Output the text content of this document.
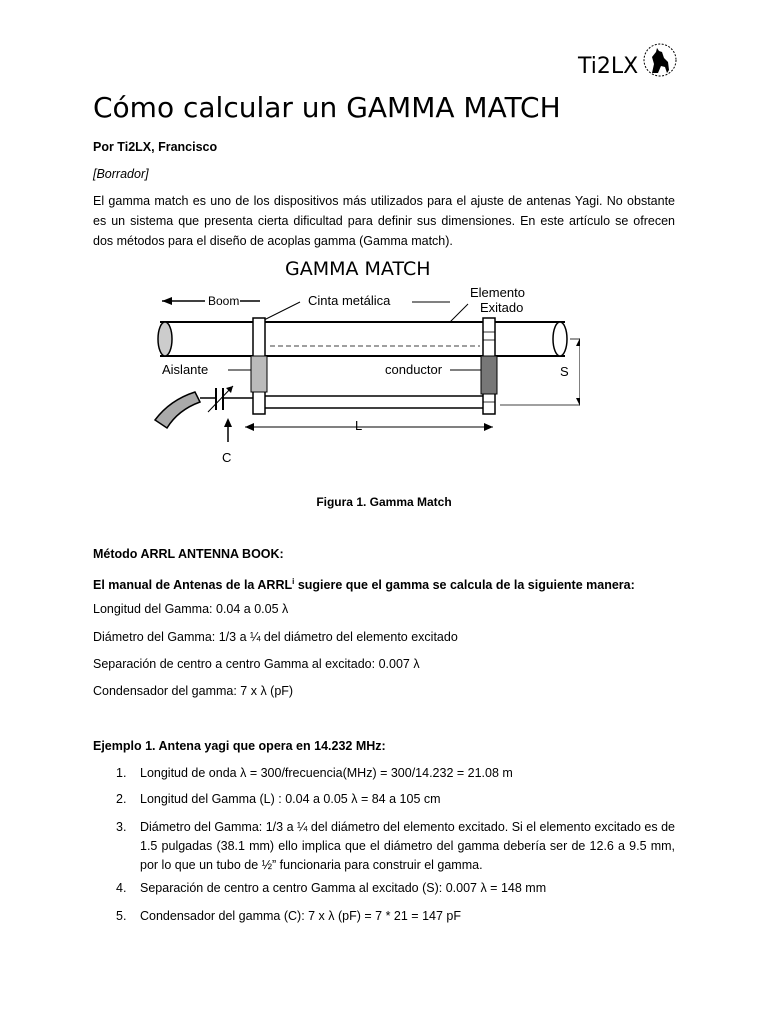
Ti2LX
Cómo calcular un GAMMA MATCH
Por Ti2LX, Francisco
[Borrador]
El gamma match es uno de los dispositivos más utilizados para el ajuste de antenas Yagi. No obstante es un sistema que presenta cierta dificultad para definir sus dimensiones. En este artículo se ofrecen dos métodos para el diseño de acoplas gamma (Gamma match).
GAMMA MATCH
Boom	Cinta metálica
Elemento
Exitado
Aislante	conductor	S
L
C
Figura 1. Gamma Match
Método ARRL ANTENNA BOOK:
El manual de Antenas de la ARRL$^i$ sugiere que el gamma se calcula de la siguiente manera:
Longitud del Gamma: 0.04 a 0.05 λ
Diámetro del Gamma: 1/3 a ¼ del diámetro del elemento excitado
Separación de centro a centro Gamma al excitado: 0.007 λ
Condensador del gamma: 7 x λ (pF)
Ejemplo 1. Antena yagi que opera en 14.232 MHz:
1. Longitud de onda λ = 300/frecuencia(MHz) = 300/14.232 = 21.08 m
2. Longitud del Gamma (L) : 0.04 a 0.05 λ = 84 a 105 cm
3. Diámetro del Gamma: 1/3 a ¼ del diámetro del elemento excitado. Si el elemento excitado es de 1.5 pulgadas (38.1 mm) ello implica que el diámetro del gamma debería ser de 12.6 a 9.5 mm, por lo que un tubo de ½” funcionaria para construir el gamma.
4. Separación de centro a centro Gamma al excitado (S): 0.007 λ = 148 mm
5. Condensador del gamma (C): 7 x λ (pF) = 7 * 21 = 147 pF
